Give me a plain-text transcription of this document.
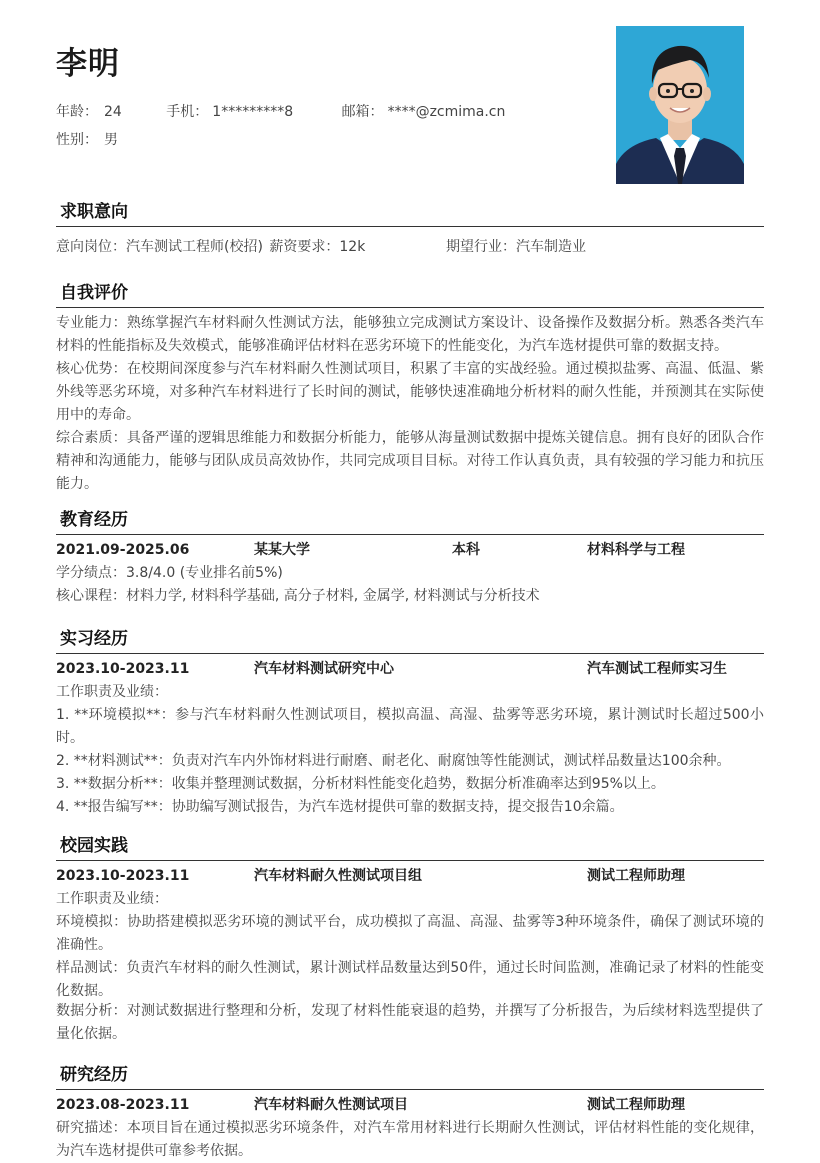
李明
年龄： 24	手机： 1*********8	邮箱： ****@zcmima.cn
性别： 男
求职意向
意向岗位：汽车测试工程师(校招) 薪资要求：12k	期望行业：汽车制造业
自我评价
专业能力：熟练掌握汽车材料耐久性测试方法，能够独立完成测试方案设计、设备操作及数据分析。熟悉各类汽车材料的性能指标及失效模式，能够准确评估材料在恶劣环境下的性能变化，为汽车选材提供可靠的数据支持。
核心优势：在校期间深度参与汽车材料耐久性测试项目，积累了丰富的实战经验。通过模拟盐雾、高温、低温、紫外线等恶劣环境，对多种汽车材料进行了长时间的测试，能够快速准确地分析材料的耐久性能，并预测其在实际使用中的寿命。
综合素质：具备严谨的逻辑思维能力和数据分析能力，能够从海量测试数据中提炼关键信息。拥有良好的团队合作精神和沟通能力，能够与团队成员高效协作，共同完成项目目标。对待工作认真负责，具有较强的学习能力和抗压能力。
教育经历
2021.09-2025.06	某某大学	本科	材料科学与工程
学分绩点：3.8/4.0 (专业排名前5%)
核心课程：材料力学, 材料科学基础, 高分子材料, 金属学, 材料测试与分析技术
实习经历
2023.10-2023.11	汽车材料测试研究中心	汽车测试工程师实习生
工作职责及业绩：
1. **环境模拟**：参与汽车材料耐久性测试项目，模拟高温、高湿、盐雾等恶劣环境，累计测试时长超过500小时。
2. **材料测试**：负责对汽车内外饰材料进行耐磨、耐老化、耐腐蚀等性能测试，测试样品数量达100余种。
3. **数据分析**：收集并整理测试数据，分析材料性能变化趋势，数据分析准确率达到95%以上。
4. **报告编写**：协助编写测试报告，为汽车选材提供可靠的数据支持，提交报告10余篇。
校园实践
2023.10-2023.11	汽车材料耐久性测试项目组	测试工程师助理
工作职责及业绩：
环境模拟：协助搭建模拟恶劣环境的测试平台，成功模拟了高温、高湿、盐雾等3种环境条件，确保了测试环境的准确性。
样品测试：负责汽车材料的耐久性测试，累计测试样品数量达到50件，通过长时间监测，准确记录了材料的性能变化数据。
数据分析：对测试数据进行整理和分析，发现了材料性能衰退的趋势，并撰写了分析报告，为后续材料选型提供了量化依据。
研究经历
2023.08-2023.11	汽车材料耐久性测试项目	测试工程师助理
研究描述：本项目旨在通过模拟恶劣环境条件，对汽车常用材料进行长期耐久性测试，评估材料性能的变化规律，为汽车选材提供可靠参考依据。
